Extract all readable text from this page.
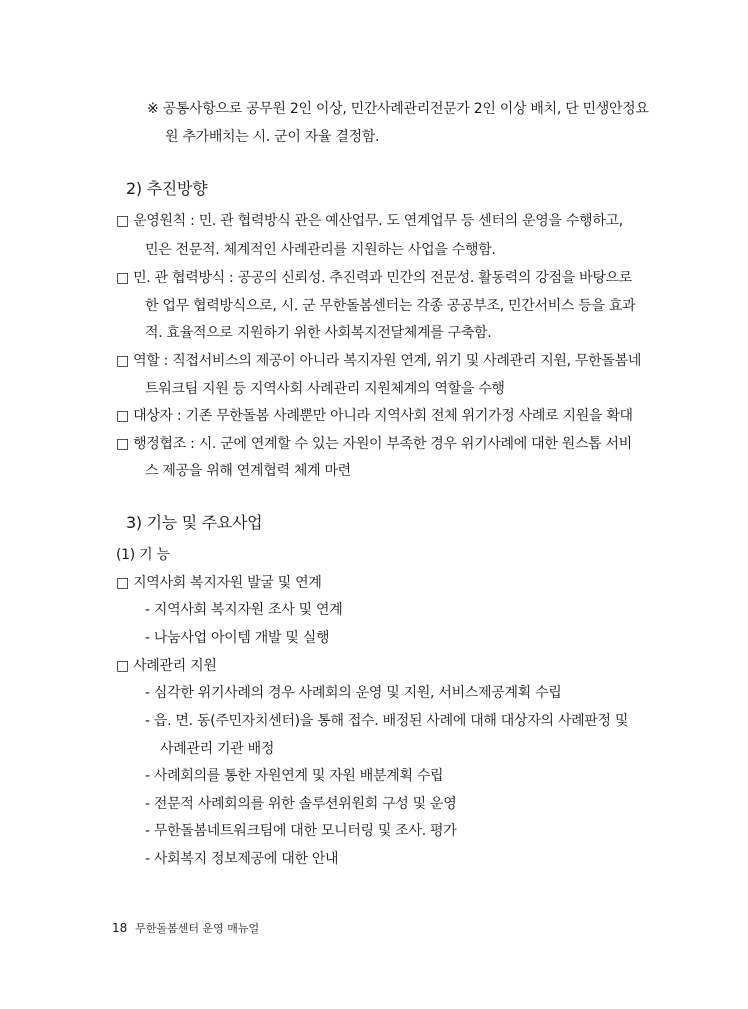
※ 공통사항으로 공무원 2인 이상, 민간사례관리전문가 2인 이상 배치, 단 민생안정요
원 추가배치는 시. 군이 자율 결정함.
2) 추진방향
□ 운영원칙 : 민. 관 협력방식 관은 예산업무. 도 연계업무 등 센터의 운영을 수행하고,
민은 전문적. 체계적인 사례관리를 지원하는 사업을 수행함.
□ 민. 관 협력방식 : 공공의 신뢰성. 추진력과 민간의 전문성. 활동력의 강점을 바탕으로
한 업무 협력방식으로, 시. 군 무한돌봄센터는 각종 공공부조, 민간서비스 등을 효과
적. 효율적으로 지원하기 위한 사회복지전달체계를 구축함.
□ 역할 : 직접서비스의 제공이 아니라 복지자원 연계, 위기 및 사례관리 지원, 무한돌봄네
트워크팀 지원 등 지역사회 사례관리 지원체계의 역할을 수행
□ 대상자 : 기존 무한돌봄 사례뿐만 아니라 지역사회 전체 위기가정 사례로 지원을 확대
□ 행정협조 : 시. 군에 연계할 수 있는 자원이 부족한 경우 위기사례에 대한 원스톱 서비
스 제공을 위해 연계협력 체계 마련
3) 기능 및 주요사업
(1) 기 능
□ 지역사회 복지자원 발굴 및 연계
- 지역사회 복지자원 조사 및 연계
- 나눔사업 아이템 개발 및 실행
□ 사례관리 지원
- 심각한 위기사례의 경우 사례회의 운영 및 지원, 서비스제공계획 수립
- 읍. 면. 동(주민자치센터)을 통해 접수. 배정된 사례에 대해 대상자의 사례판정 및
사례관리 기관 배정
- 사례회의를 통한 자원연계 및 자원 배분계획 수립
- 전문적 사례회의를 위한 솔루션위원회 구성 및 운영
- 무한돌봄네트워크팀에 대한 모니터링 및 조사. 평가
- 사회복지 정보제공에 대한 안내
18 무한돌봄센터 운영 매뉴얼
